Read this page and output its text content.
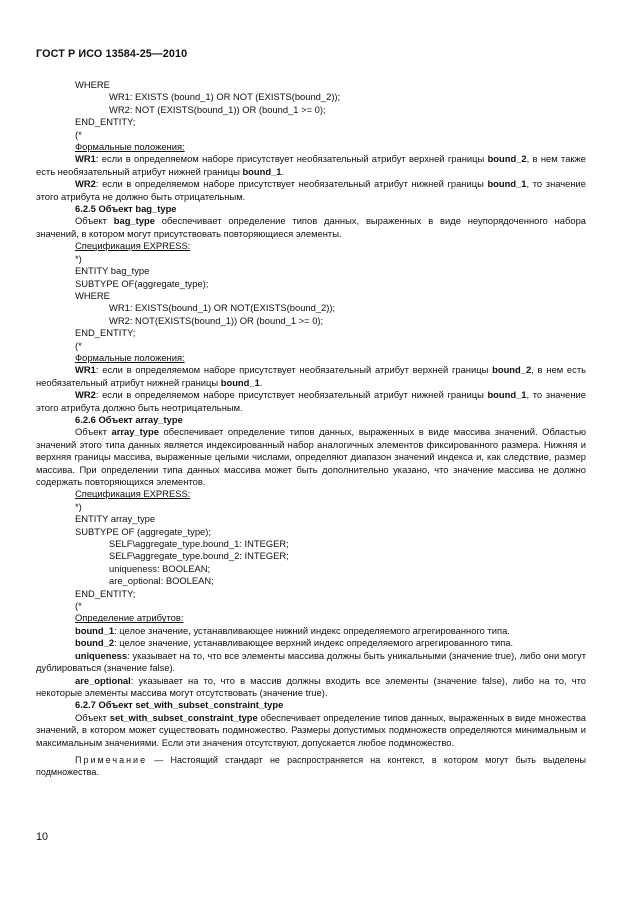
ГОСТ Р ИСО 13584-25—2010
WHERE
WR1: EXISTS (bound_1) OR NOT (EXISTS(bound_2));
WR2: NOT (EXISTS(bound_1)) OR (bound_1 >= 0);
END_ENTITY;
(*
Формальные положения:
WR1: если в определяемом наборе присутствует необязательный атрибут верхней границы bound_2, в нем также есть необязательный атрибут нижней границы bound_1.
WR2: если в определяемом наборе присутствует необязательный атрибут нижней границы bound_1, то значение этого атрибута не должно быть отрицательным.
6.2.5 Объект bag_type
Объект bag_type обеспечивает определение типов данных, выраженных в виде неупорядоченного набора значений, в котором могут присутствовать повторяющиеся элементы.
Спецификация EXPRESS:
*)
ENTITY bag_type
SUBTYPE OF(aggregate_type);
WHERE
WR1: EXISTS(bound_1) OR NOT(EXISTS(bound_2));
WR2: NOT(EXISTS(bound_1)) OR (bound_1 >= 0);
END_ENTITY;
(*
Формальные положения:
WR1: если в определяемом наборе присутствует необязательный атрибут верхней границы bound_2, в нем есть необязательный атрибут нижней границы bound_1.
WR2: если в определяемом наборе присутствует необязательный атрибут нижней границы bound_1, то значение этого атрибута должно быть неотрицательным.
6.2.6 Объект array_type
Объект array_type обеспечивает определение типов данных, выраженных в виде массива значений. Областью значений этого типа данных является индексированный набор аналогичных элементов фиксированного размера. Нижняя и верхняя границы массива, выраженные целыми числами, определяют диапазон значений индекса и, как следствие, размер массива. При определении типа данных массива может быть дополнительно указано, что значение массива не должно содержать повторяющихся элементов.
Спецификация EXPRESS:
*)
ENTITY array_type
SUBTYPE OF (aggregate_type);
SELF\aggregate_type.bound_1: INTEGER;
SELF\aggregate_type.bound_2: INTEGER;
uniqueness: BOOLEAN;
are_optional: BOOLEAN;
END_ENTITY;
(*
Определение атрибутов:
bound_1: целое значение, устанавливающее нижний индекс определяемого агрегированного типа.
bound_2: целое значение, устанавливающее верхний индекс определяемого агрегированного типа.
uniqueness: указывает на то, что все элементы массива должны быть уникальными (значение true), либо они могут дублироваться (значение false).
are_optional: указывает на то, что в массив должны входить все элементы (значение false), либо на то, что некоторые элементы массива могут отсутствовать (значение true).
6.2.7 Объект set_with_subset_constraint_type
Объект set_with_subset_constraint_type обеспечивает определение типов данных, выраженных в виде множества значений, в котором может существовать подмножество. Размеры допустимых подмножеств определяются минимальным и максимальным значениями. Если эти значения отсутствуют, допускается любое подмножество.
Примечание — Настоящий стандарт не распространяется на контекст, в котором могут быть выделены подмножества.
10
